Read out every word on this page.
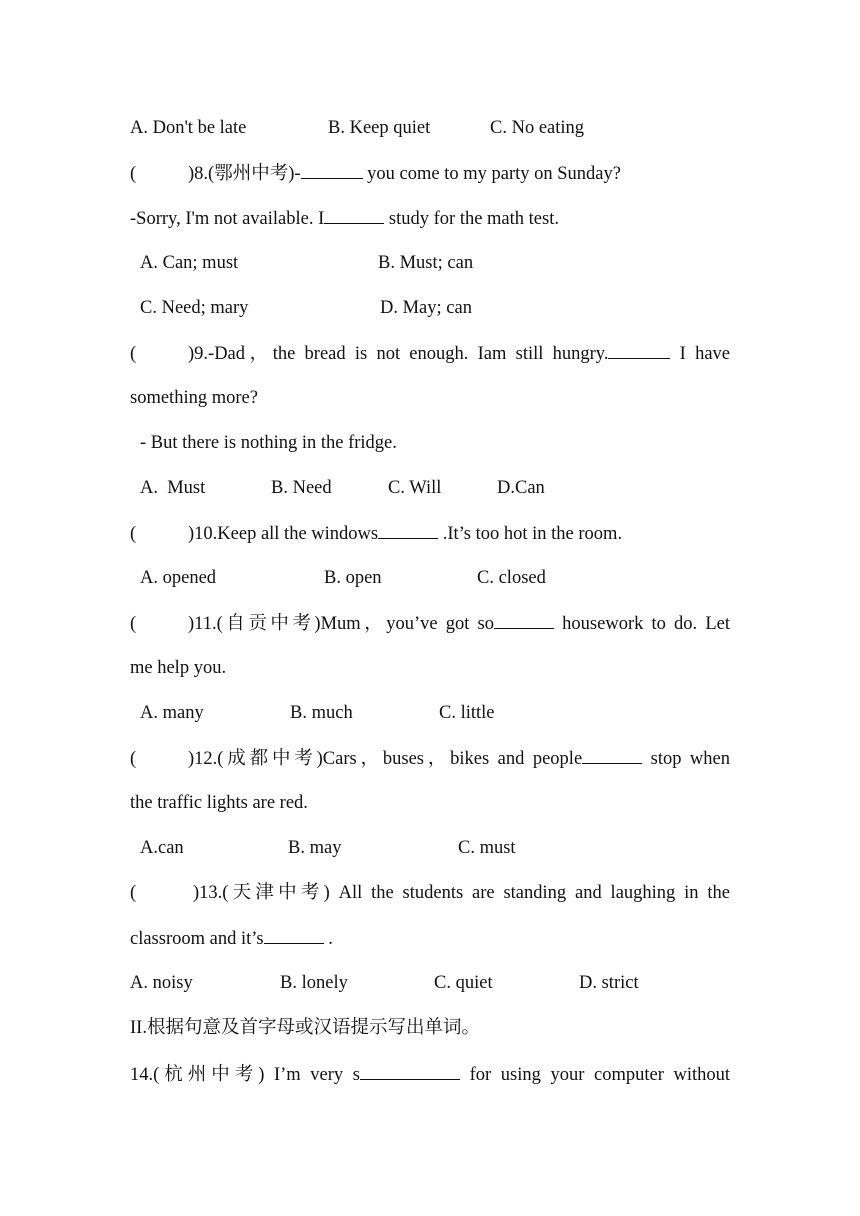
A. Don't be late	B. Keep quiet	C. No eating
(	)8.(鄂州中考)-	you come to my party on Sunday?
-Sorry, I'm not available. I	study for the math test.
A. Can; must	B. Must; can
C. Need; mary	D. May; can
(	)9.-Dad，the bread is not enough. Iam still hungry.	I have
something more?
- But there is nothing in the fridge.
A.  Must	B. Need	C. Will	D.Can
(	)10.Keep all the windows	.It’s too hot in the room.
A. opened	B. open	C. closed
(	)11.(自贡中考)Mum，you’ve got so	housework to do. Let
me help you.
A. many	B. much	C. little
(	)12.(成都中考)Cars，buses，bikes and people	stop when
the traffic lights are red.
A.can	B. may	C. must
(	)13.(天津中考) All the students are standing and laughing in the
classroom and it’s	.
A. noisy	B. lonely	C. quiet	D. strict
II.根据句意及首字母或汉语提示写出单词。
14.(杭州中考) I’m very s	for using your computer without
